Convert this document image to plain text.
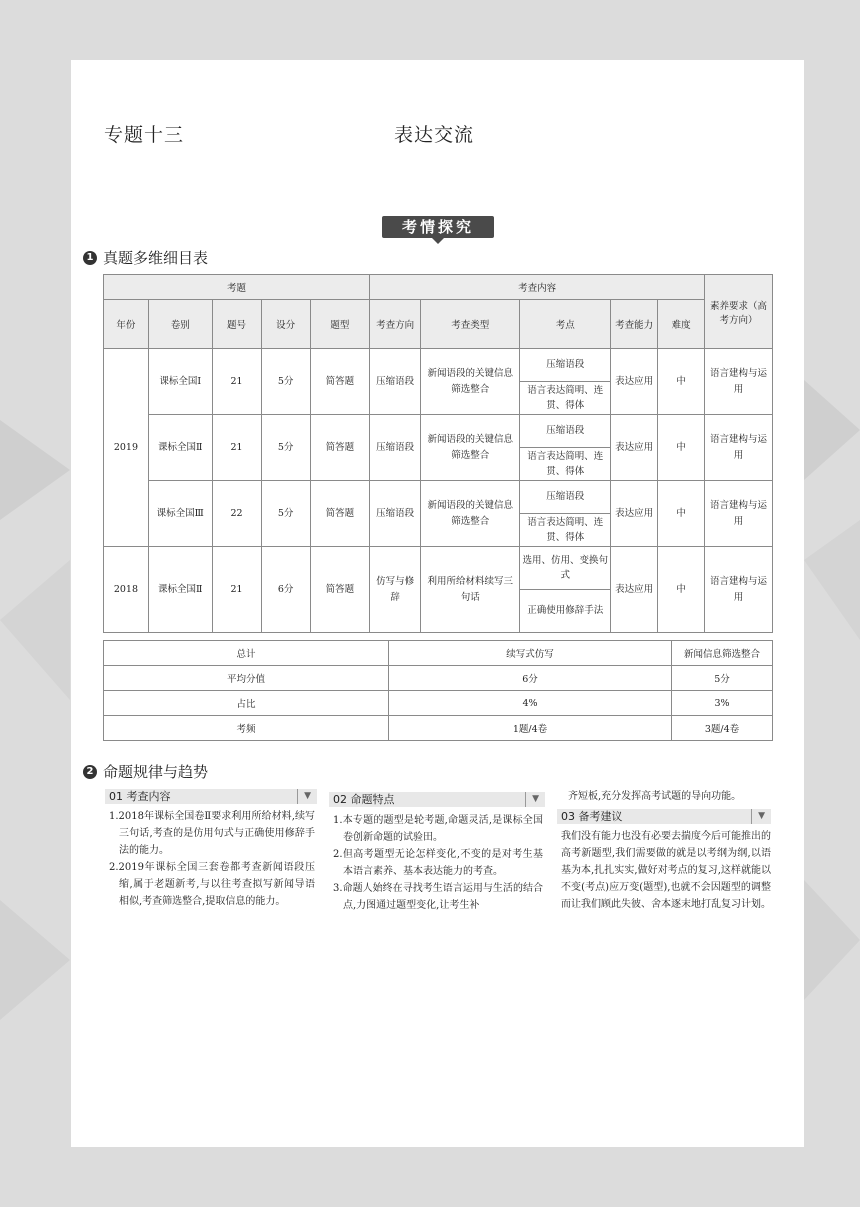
专题十三	表达交流
考情探究
1 真题多维细目表
考题					考查内容					素养要求（高考方向）
年份	卷别	题号	设分	题型	考查方向	考查类型	考点	考查能力	难度	
2019	课标全国Ⅰ	21	5分	简答题	压缩语段	新闻语段的关键信息筛选整合	压缩语段	表达应用	中	语言建构与运用
							语言表达简明、连贯、得体			
	课标全国Ⅱ	21	5分	简答题	压缩语段	新闻语段的关键信息筛选整合	压缩语段	表达应用	中	语言建构与运用
							语言表达简明、连贯、得体			
	课标全国Ⅲ	22	5分	简答题	压缩语段	新闻语段的关键信息筛选整合	压缩语段	表达应用	中	语言建构与运用
							语言表达简明、连贯、得体			
2018	课标全国Ⅱ	21	6分	简答题	仿写与修辞	利用所给材料续写三句话	选用、仿用、变换句式	表达应用	中	语言建构与运用
							正确使用修辞手法			
总计	续写式仿写	新闻信息筛选整合
平均分值	6分	5分
占比	4%	3%
考频	1题/4卷	3题/4卷
2 命题规律与趋势
01 考查内容	▼

1.2018年课标全国卷Ⅱ要求利用所给材料,续写三句话,考查的是仿用句式与正确使用修辞手法的能力。

2.2019年课标全国三套卷都考查新闻语段压缩,属于老题新考,与以往考查拟写新闻导语相似,考查筛选整合,提取信息的能力。

02 命题特点	▼

1.本专题的题型是轮考题,命题灵活,是课标全国卷创新命题的试验田。

2.但高考题型无论怎样变化,不变的是对考生基本语言素养、基本表达能力的考查。

3.命题人始终在寻找考生语言运用与生活的结合点,力图通过题型变化,让考生补

齐短板,充分发挥高考试题的导向功能。
03 备考建议	▼
我们没有能力也没有必要去揣度今后可能推出的高考新题型,我们需要做的就是以考纲为纲,以语基为本,扎扎实实,做好对考点的复习,这样就能以不变(考点)应万变(题型),也就不会因题型的调整而让我们顾此失彼、舍本逐末地打乱复习计划。
